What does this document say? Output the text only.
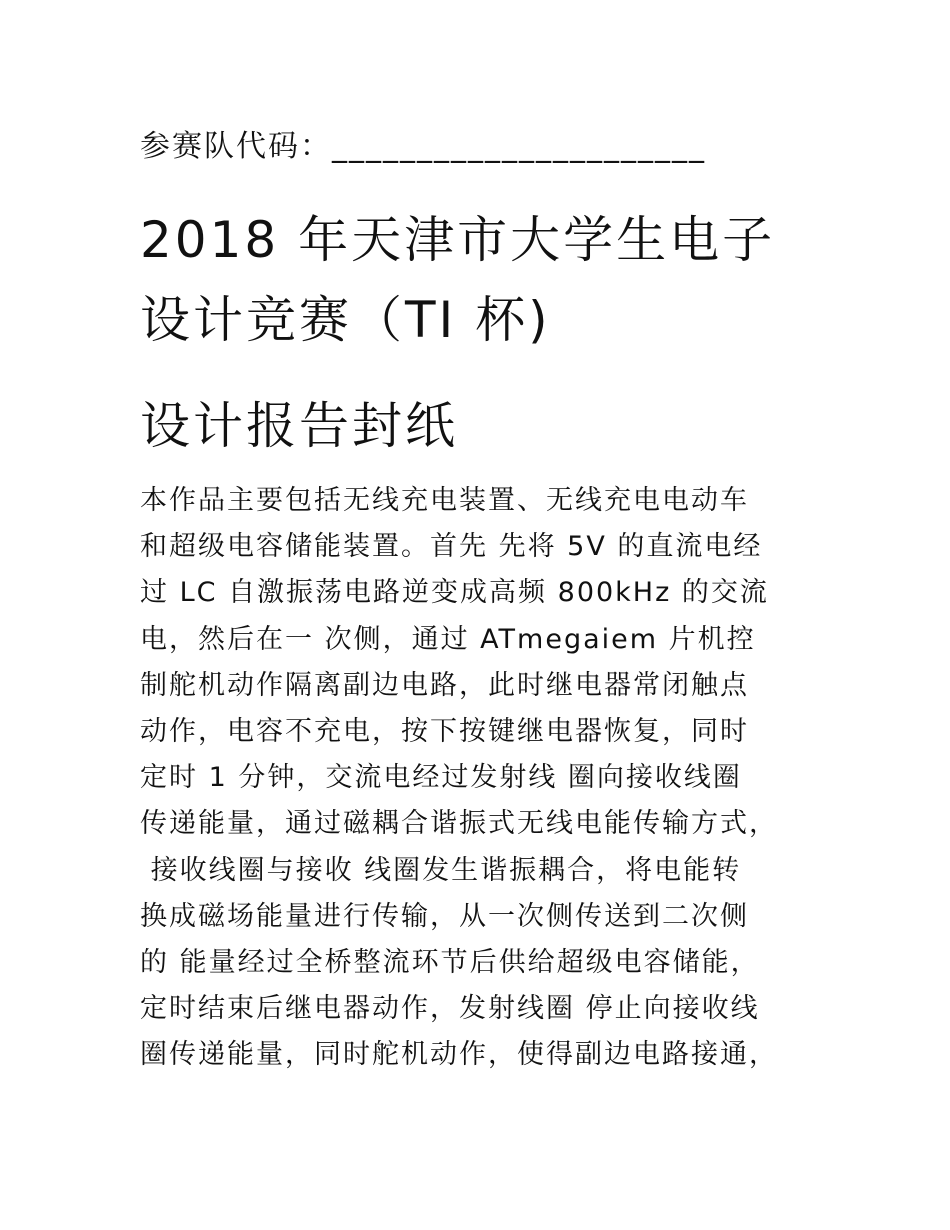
参赛队代码：______________________
2018 年天津市大学生电子
设计竞赛（TI 杯)
设计报告封纸
本作品主要包括无线充电装置、无线充电电动车
和超级电容储能装置。首先 先将 5V 的直流电经
过 LC 自激振荡电路逆变成高频 800kHz 的交流
电，然后在一 次侧，通过 ATmegaiem 片机控
制舵机动作隔离副边电路，此时继电器常闭触点
动作，电容不充电，按下按键继电器恢复，同时
定时 1 分钟，交流电经过发射线 圈向接收线圈
传递能量，通过磁耦合谐振式无线电能传输方式，
接收线圈与接收 线圈发生谐振耦合，将电能转
换成磁场能量进行传输，从一次侧传送到二次侧
的 能量经过全桥整流环节后供给超级电容储能，
定时结束后继电器动作，发射线圈 停止向接收线
圈传递能量，同时舵机动作，使得副边电路接通，
